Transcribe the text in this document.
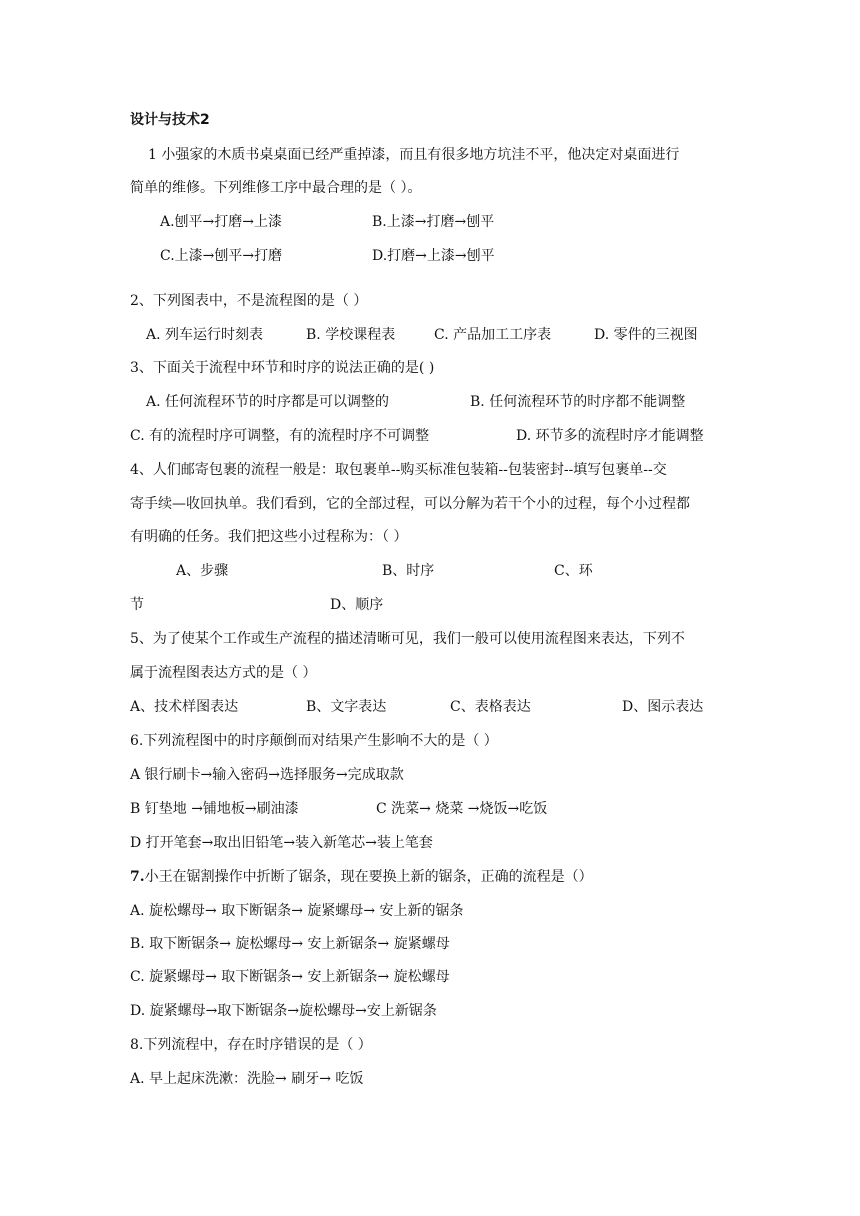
设计与技术2
1 小强家的木质书桌桌面已经严重掉漆，而且有很多地方坑洼不平，他决定对桌面进行
简单的维修。下列维修工序中最合理的是（ ）。
A.刨平→打磨→上漆	B.上漆→打磨→刨平
C.上漆→刨平→打磨	D.打磨→上漆→刨平
2、下列图表中，不是流程图的是（ ）
A. 列车运行时刻表	B. 学校课程表	C. 产品加工工序表	D. 零件的三视图
3、下面关于流程中环节和时序的说法正确的是( )
A. 任何流程环节的时序都是可以调整的	B. 任何流程环节的时序都不能调整
C. 有的流程时序可调整，有的流程时序不可调整	D. 环节多的流程时序才能调整
4、人们邮寄包裹的流程一般是：取包裹单--购买标准包装箱--包装密封--填写包裹单--交
寄手续—收回执单。我们看到，它的全部过程，可以分解为若干个小的过程，每个小过程都
有明确的任务。我们把这些小过程称为：（ ）
A、步骤	B、时序	C、环
节	D、顺序
5、为了使某个工作或生产流程的描述清晰可见，我们一般可以使用流程图来表达，下列不
属于流程图表达方式的是（ ）
A、技术样图表达	B、文字表达	C、表格表达	D、图示表达
6.下列流程图中的时序颠倒而对结果产生影响不大的是（ ）
A 银行刷卡→输入密码→选择服务→完成取款
B 钉垫地 →铺地板→刷油漆	C 洗菜→ 烧菜 →烧饭→吃饭
D 打开笔套→取出旧铅笔→装入新笔芯→装上笔套
7.小王在锯割操作中折断了锯条，现在要换上新的锯条，正确的流程是（）
A. 旋松螺母→ 取下断锯条→ 旋紧螺母→ 安上新的锯条
B. 取下断锯条→ 旋松螺母→ 安上新锯条→ 旋紧螺母
C. 旋紧螺母→ 取下断锯条→ 安上新锯条→ 旋松螺母
D. 旋紧螺母→取下断锯条→旋松螺母→安上新锯条
8.下列流程中，存在时序错误的是（ ）
A. 早上起床洗漱：洗脸→ 刷牙→ 吃饭
